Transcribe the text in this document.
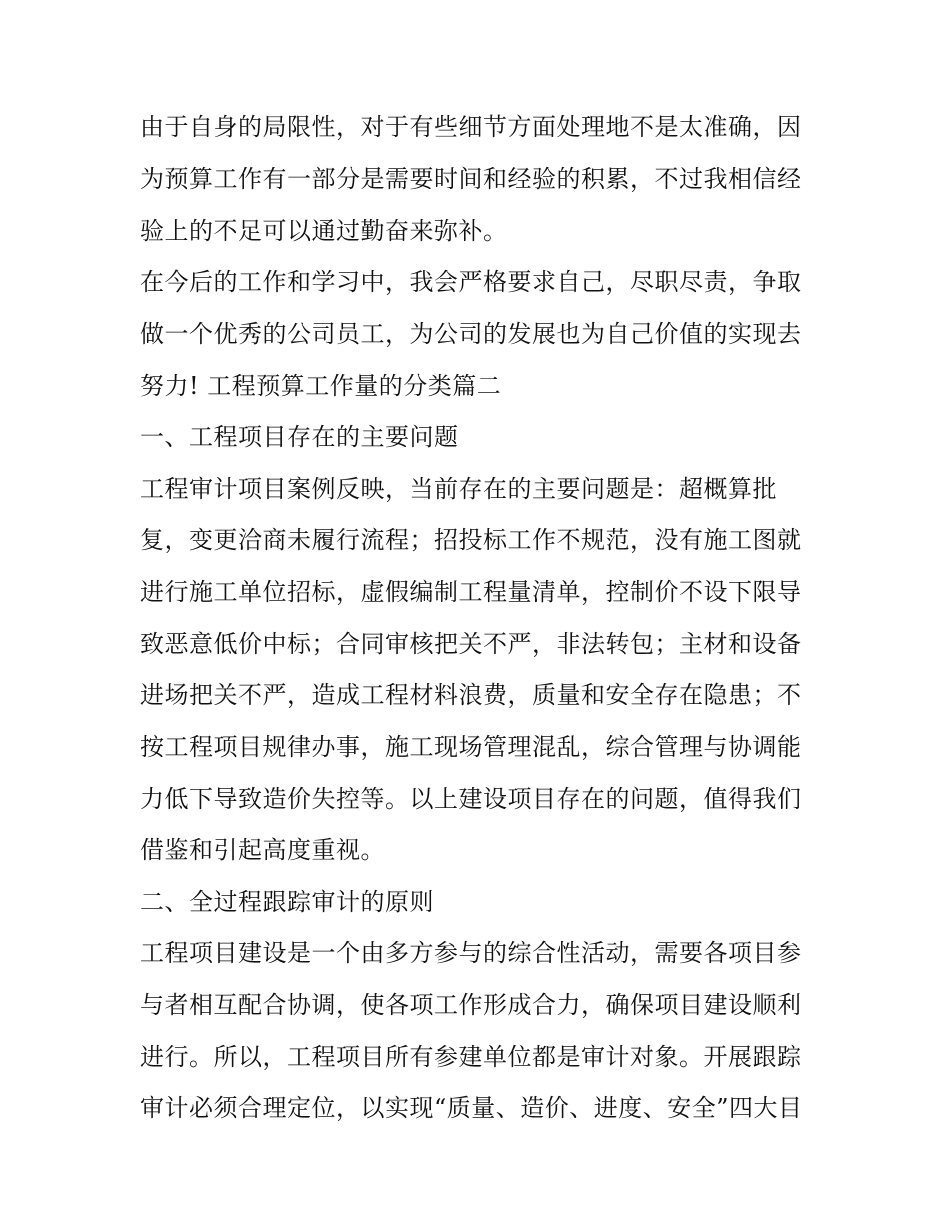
由于自身的局限性，对于有些细节方面处理地不是太准确，因

为预算工作有一部分是需要时间和经验的积累，不过我相信经

验上的不足可以通过勤奋来弥补。

在今后的工作和学习中，我会严格要求自己，尽职尽责，争取

做一个优秀的公司员工，为公司的发展也为自己价值的实现去

努力! 工程预算工作量的分类篇二

一、工程项目存在的主要问题

工程审计项目案例反映，当前存在的主要问题是：超概算批

复，变更洽商未履行流程；招投标工作不规范，没有施工图就

进行施工单位招标，虚假编制工程量清单，控制价不设下限导

致恶意低价中标；合同审核把关不严，非法转包；主材和设备

进场把关不严，造成工程材料浪费，质量和安全存在隐患；不

按工程项目规律办事，施工现场管理混乱，综合管理与协调能

力低下导致造价失控等。以上建设项目存在的问题，值得我们

借鉴和引起高度重视。

二、全过程跟踪审计的原则

工程项目建设是一个由多方参与的综合性活动，需要各项目参

与者相互配合协调，使各项工作形成合力，确保项目建设顺利

进行。所以，工程项目所有参建单位都是审计对象。开展跟踪

审计必须合理定位，以实现“质量、造价、进度、安全”四大目
